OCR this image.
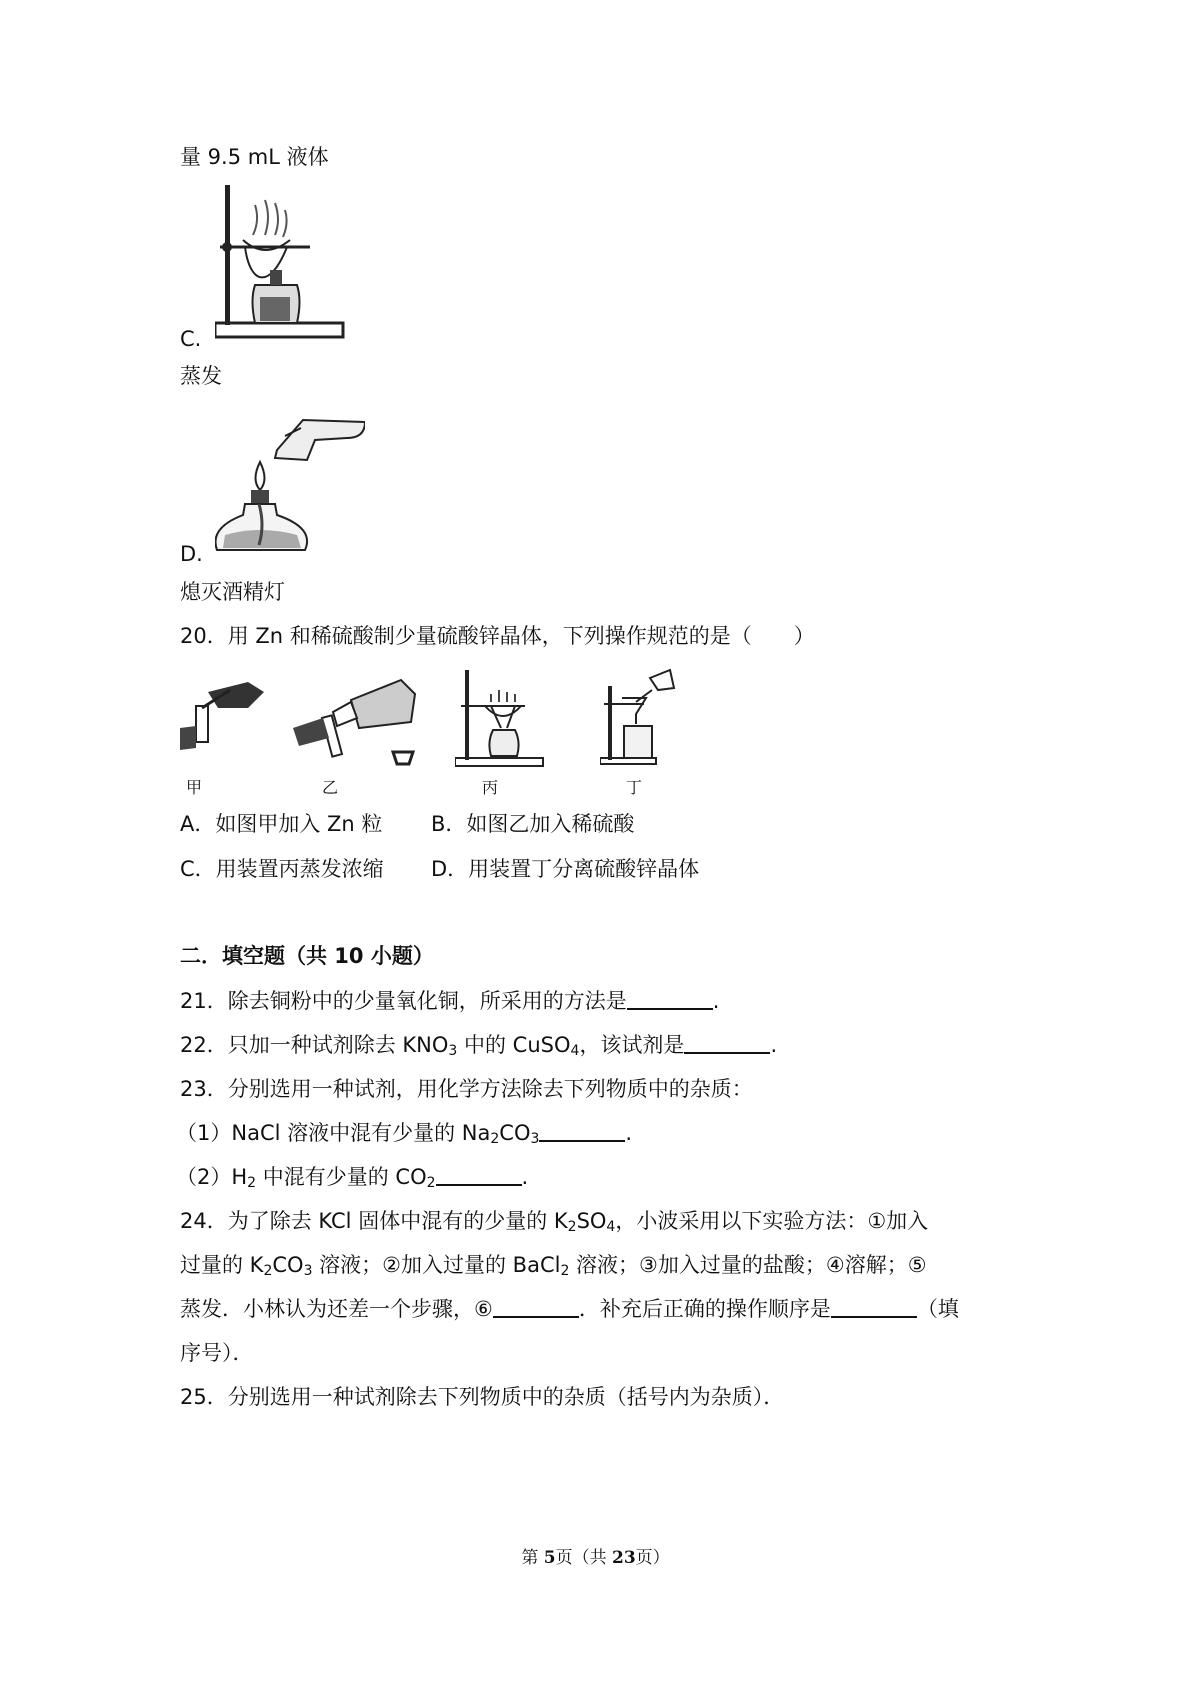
量 9.5 mL 液体
C.
蒸发
D.
熄灭酒精灯
20．用 Zn 和稀硫酸制少量硫酸锌晶体，下列操作规范的是（　　）
甲	乙	丙	丁
A．如图甲加入 Zn 粒 B．如图乙加入稀硫酸
C．用装置丙蒸发浓缩 D．用装置丁分离硫酸锌晶体
二．填空题（共 10 小题）
21．除去铜粉中的少量氧化铜，所采用的方法是	.
22．只加一种试剂除去 $KNO_3$ 中的 CuSO$_4$，该试剂是	.
23．分别选用一种试剂，用化学方法除去下列物质中的杂质：
（1）NaCl 溶液中混有少量的 $Na_2CO_3$	.
$(2)H_2$ 中混有少量的 $CO_2$	.
24．为了除去 KCl 固体中混有的少量的 $K_2SO_4$，小波采用以下实验方法：①加入
过量的 $K_2CO_3$ 溶液；②加入过量的 BaCl$_2$ 溶液；③加入过量的盐酸；④溶解；⑤
蒸发．小林认为还差一个步骤，⑥	．补充后正确的操作顺序是	（填
序号）．
25．分别选用一种试剂除去下列物质中的杂质（括号内为杂质）．
第 5页（共 23页）
